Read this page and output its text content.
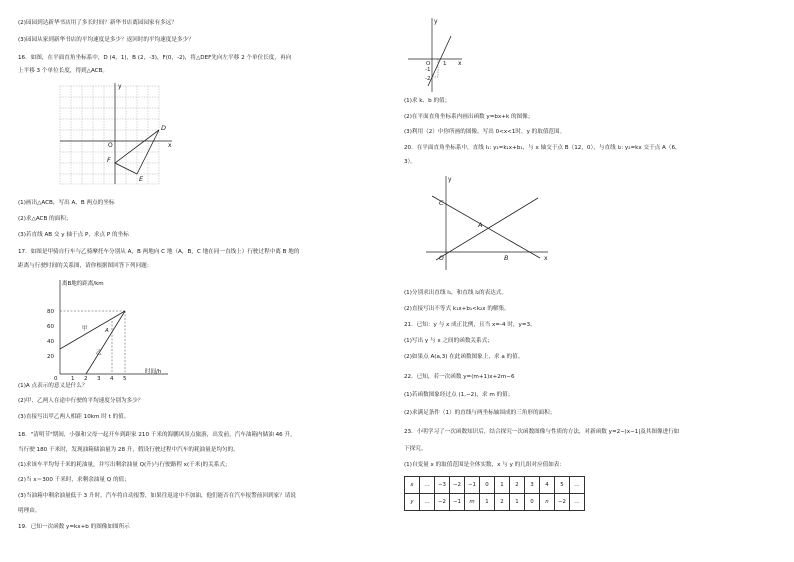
(2)园园到达新华书店用了多长时间？新华书店离园园家有多远？
(3)园园从家到新华书店的平均速度是多少？返回时的平均速度是多少？
16．如图，在平面直角坐标系中，D (4，1)，B (2，-3)，F(0，-2)，将△DEF先向左平移 2 个单位长度，再向
上平移 3 个单位长度，得到△ACB。
y
x
O
D
F
E
(1)画出△ACB，写出 A、B 两点的坐标
(2)求△ACB 的面积；
(3)若直线 AB 交 y 轴于点 P，求点 P 的坐标
17．如图是甲骑自行车与乙骑摩托车分别从 A，B 两地向 C 地（A，B，C 地在同一直线上）行驶过程中离 B 地的
距离与行驶时间的关系图，请你根据图回答下列问题：
离B地的距离/km
时间/h
80
60
40
20
0 1 2 3 4 5
甲
乙
A
(1)A 点表示的意义是什么？
(2)甲、乙两人在途中行驶的平均速度分别为多少？
(3)直接写出甲乙两人相距 10km 时 t 的值。
18．"清明节"期间，小强和父母一起开车到距家 210 千米的海鹏风景点旅游，出发前，汽车油箱内储油 46 升，
当行驶 180 千米时，发现油箱储油量为 28 升，假设行驶过程中汽车的耗油量是均匀的。
(1)求该车平均每千米的耗油量，并写出剩余油量 Q(升)与行驶路程 x(千米)的关系式；
(2)当 x＝300 千米时，求剩余油量 Q 的值；
(3)当油箱中剩余油量低于 3 升时，汽车将自动报警，如果往返途中不加油，他们能否在汽车报警前回到家？请说
明理由。
19．已知一次函数 y=kx+b 的图像如图所示
y
x
O 1
-1
-2
(1)求 k、b 的值；
(2)在平面直角坐标系内画出函数 y=bx+k 的图像；
(3)利用（2）中你所画的图像，写出 0<x<1时，y 的取值范围。
20．在平面直角坐标系中，直线 l₁: y₁=k₁x+b₁，与 x 轴交于点 B（12，0），与直线 l₂: y₂=kx 交于点 A（6，
3）。
y
x
O
C
A
B
(1)分别求出直线 l₁，和直线 l₂的表达式。
(2)直接写出不等式 k₁x+b₁<k₂x 的解集。
21．已知：y 与 x 成正比例，且当 x=-4 时，y=3。
(1)写出 y 与 x 之间的函数关系式；
(2)如果点 A(a,3) 在此函数图象上，求 a 的值。
22．已知，若一次函数 y=(m+1)x+2m−6
(1)若函数图象经过点 (1,−2)，求 m 的值；
(2)求满足条件（1）的直线与两坐标轴围成的三角形的面积；
23．小明学习了一次函数知识后，结合探究一次函数图像与性质的方法，对新函数 y=2−|x−1|及其图像进行如
下探究。
(1)自变量 x 的取值范围是全体实数，x 与 y 的几组对应值如表：
x	…	−3	−2	−1	0	1	2	3	4	5	…
y	…	−2	−1	m	1	2	1	0	n	−2	…
